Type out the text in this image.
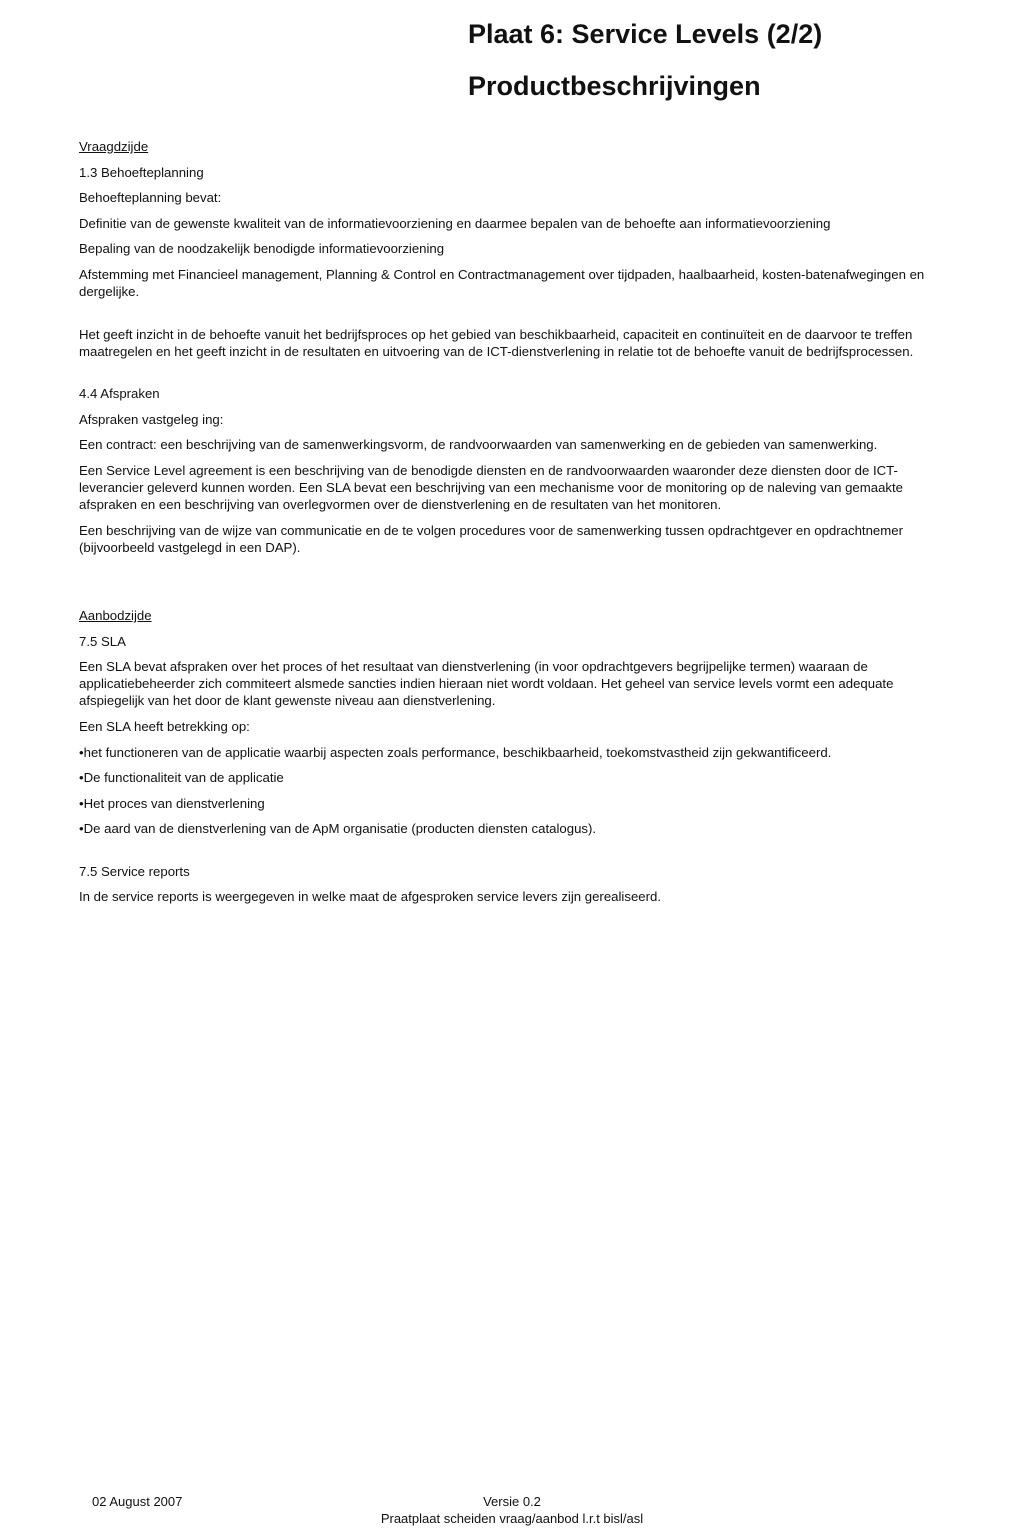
Plaat 6: Service Levels (2/2)

Productbeschrijvingen

Vraagdzijde

1.3 Behoefteplanning

Behoefteplanning bevat:

Definitie van de gewenste kwaliteit van de informatievoorziening en daarmee bepalen van de behoefte aan informatievoorziening

Bepaling van de noodzakelijk benodigde informatievoorziening

Afstemming met Financieel management, Planning & Control en Contractmanagement over tijdpaden, haalbaarheid, kosten-batenafwegingen en dergelijke.

Het geeft inzicht in de behoefte vanuit het bedrijfsproces op het gebied van beschikbaarheid, capaciteit en continuïteit en de daarvoor te treffen maatregelen en het geeft inzicht in de resultaten en uitvoering van de ICT-dienstverlening in relatie tot de behoefte vanuit de bedrijfsprocessen.

4.4 Afspraken

Afspraken vastgeleg ing:

Een contract: een beschrijving van de samenwerkingsvorm, de randvoorwaarden van samenwerking en de gebieden van samenwerking.

Een Service Level agreement is een beschrijving van de benodigde diensten en de randvoorwaarden waaronder deze diensten door de ICT-leverancier geleverd kunnen worden. Een SLA bevat een beschrijving van een mechanisme voor de monitoring op de naleving van gemaakte afspraken en een beschrijving van overlegvormen over de dienstverlening en de resultaten van het monitoren.

Een beschrijving van de wijze van communicatie en de te volgen procedures voor de samenwerking tussen opdrachtgever en opdrachtnemer (bijvoorbeeld vastgelegd in een DAP).

Aanbodzijde

7.5 SLA

Een SLA bevat afspraken over het proces of het resultaat van dienstverlening (in voor opdrachtgevers begrijpelijke termen) waaraan de applicatiebeheerder zich commiteert alsmede sancties indien hieraan niet wordt voldaan. Het geheel van service levels vormt een adequate afspiegelijk van het door de klant gewenste niveau aan dienstverlening.

Een SLA heeft betrekking op:

•het functioneren van de applicatie waarbij aspecten zoals performance, beschikbaarheid, toekomstvastheid zijn gekwantificeerd.

•De functionaliteit van de applicatie

•Het proces van dienstverlening

•De aard van de dienstverlening van de ApM organisatie (producten diensten catalogus).

7.5 Service reports

In de service reports is weergegeven in welke maat de afgesproken service levers zijn gerealiseerd.

02 August 2007	Versie 0.2
Praatplaat scheiden vraag/aanbod l.r.t bisl/asl
